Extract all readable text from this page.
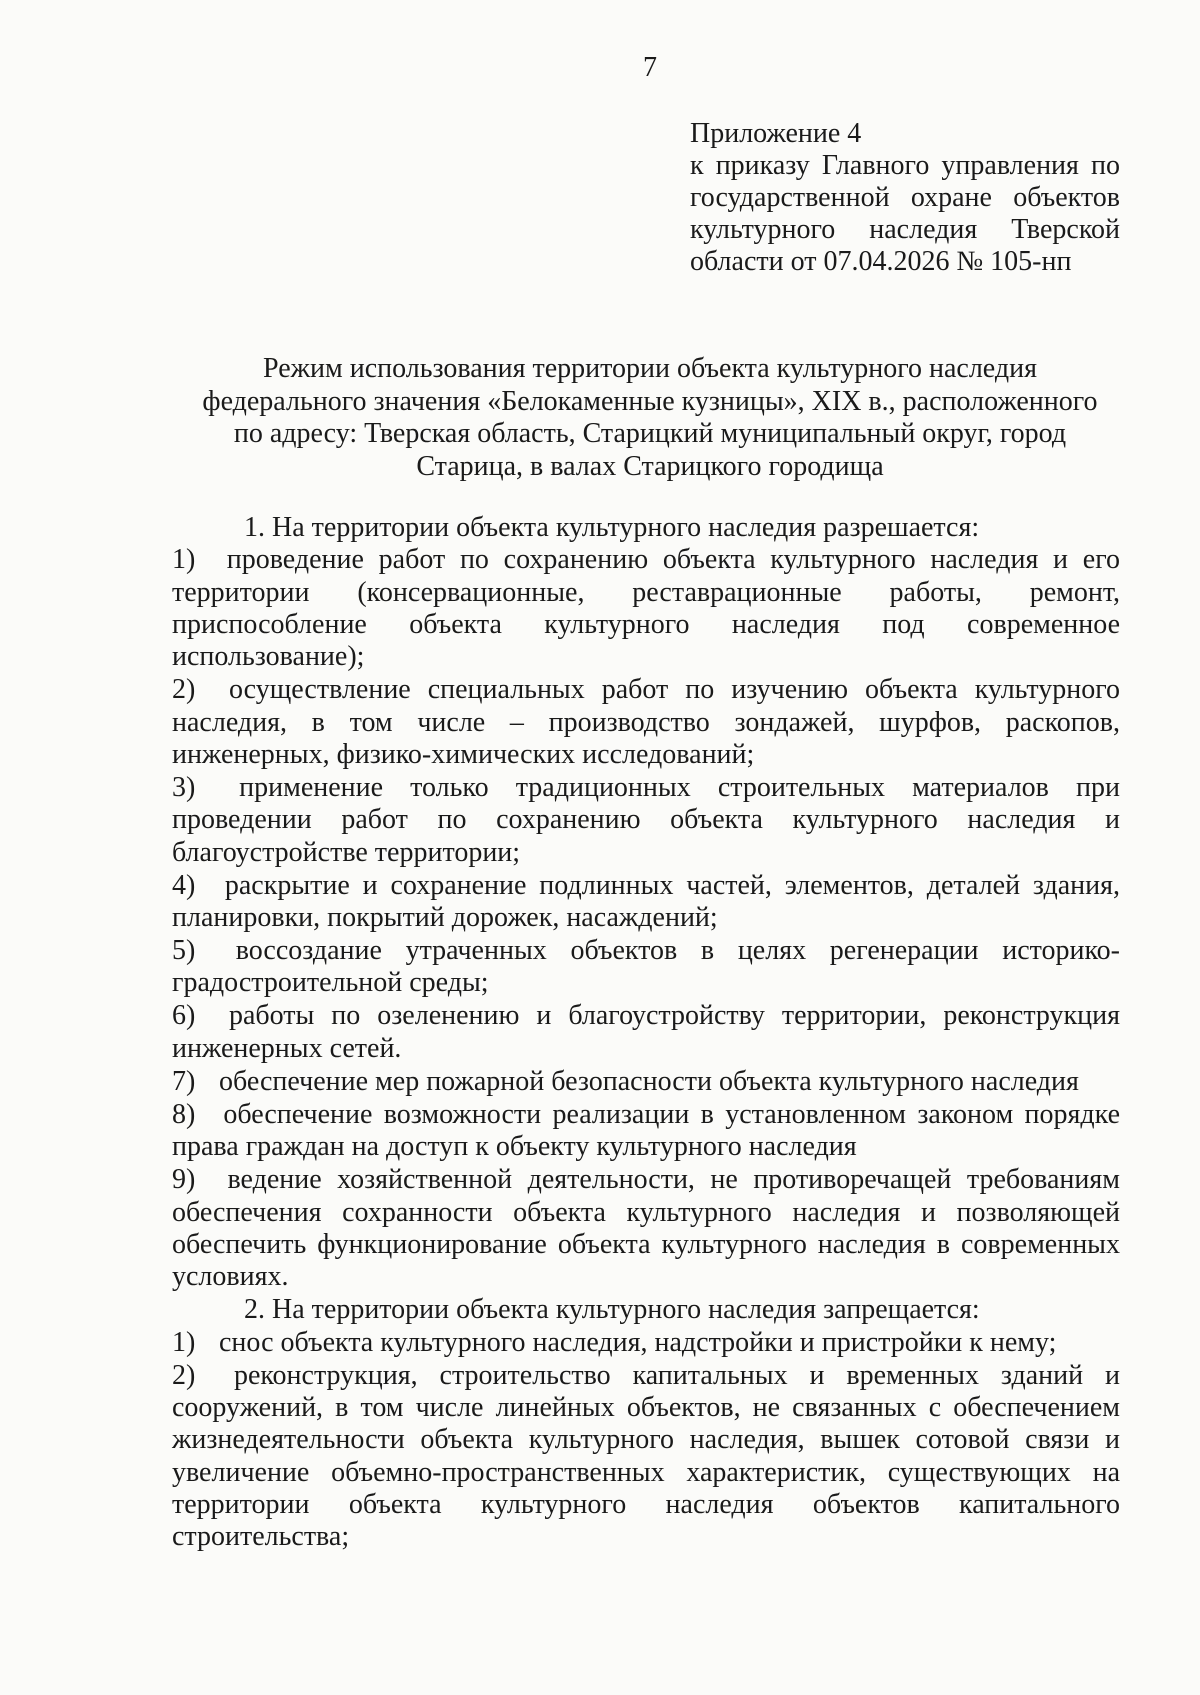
7
Приложение 4
к приказу Главного управления по
государственной охране объектов
культурного наследия Тверской
области от 07.04.2026 № 105-нп
Режим использования территории объекта культурного наследия
федерального значения «Белокаменные кузницы», XIX в., расположенного
по адресу: Тверская область, Старицкий муниципальный округ, город
Старица, в валах Старицкого городища

1. На территории объекта культурного наследия разрешается:

1) проведение работ по сохранению объекта культурного наследия и его территории (консервационные, реставрационные работы, ремонт, приспособление объекта культурного наследия под современное использование);

2) осуществление специальных работ по изучению объекта культурного наследия, в том числе – производство зондажей, шурфов, раскопов, инженерных, физико-химических исследований;

3) применение только традиционных строительных материалов при проведении работ по сохранению объекта культурного наследия и благоустройстве территории;

4) раскрытие и сохранение подлинных частей, элементов, деталей здания, планировки, покрытий дорожек, насаждений;

5) воссоздание утраченных объектов в целях регенерации историко-градостроительной среды;

6) работы по озеленению и благоустройству территории, реконструкция инженерных сетей.

7) обеспечение мер пожарной безопасности объекта культурного наследия

8) обеспечение возможности реализации в установленном законом порядке права граждан на доступ к объекту культурного наследия

9) ведение хозяйственной деятельности, не противоречащей требованиям обеспечения сохранности объекта культурного наследия и позволяющей обеспечить функционирование объекта культурного наследия в современных условиях.

2. На территории объекта культурного наследия запрещается:

1) снос объекта культурного наследия, надстройки и пристройки к нему;

2) реконструкция, строительство капитальных и временных зданий и сооружений, в том числе линейных объектов, не связанных с обеспечением жизнедеятельности объекта культурного наследия, вышек сотовой связи и увеличение объемно-пространственных характеристик, существующих на территории объекта культурного наследия объектов капитального строительства;
